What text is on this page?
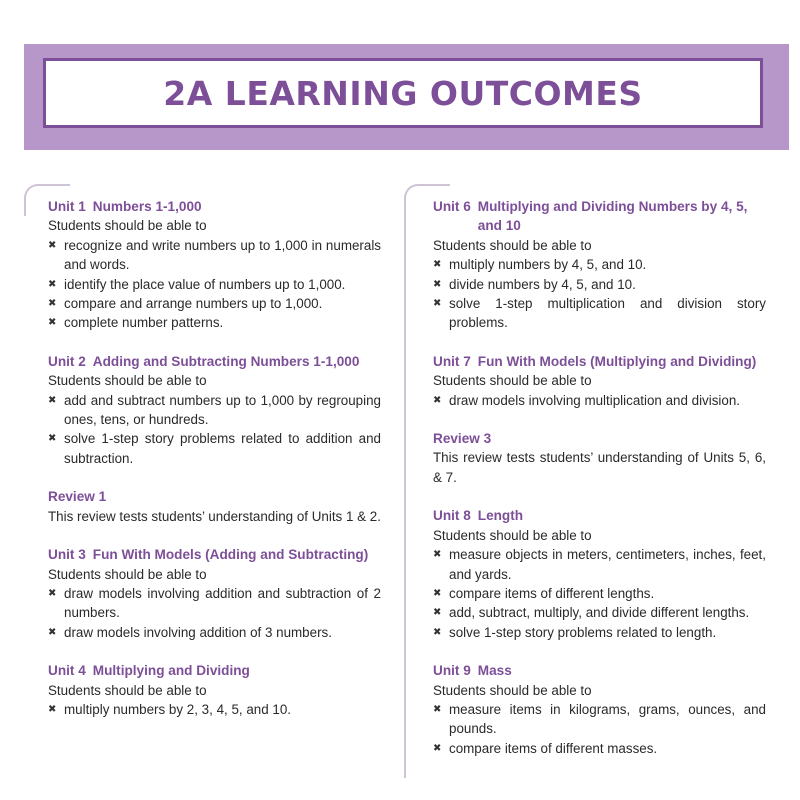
2A LEARNING OUTCOMES
Unit 1 Numbers 1-1,000

Students should be able to

✖ recognize and write numbers up to 1,000 in numerals and words.
✖ identify the place value of numbers up to 1,000.
✖ compare and arrange numbers up to 1,000.
✖ complete number patterns.
Unit 2 Adding and Subtracting Numbers 1-1,000

Students should be able to

✖ add and subtract numbers up to 1,000 by regrouping ones, tens, or hundreds.
✖ solve 1-step story problems related to addition and subtraction.
Review 1

This review tests students’ understanding of Units 1 & 2.

Unit 3 Fun With Models (Adding and Subtracting)

Students should be able to

✖ draw models involving addition and subtraction of 2 numbers.
✖ draw models involving addition of 3 numbers.
Unit 4 Multiplying and Dividing

Students should be able to

✖ multiply numbers by 2, 3, 4, 5, and 10.
Unit 6 Multiplying and Dividing Numbers by 4, 5, and 10

Students should be able to

✖ multiply numbers by 4, 5, and 10.
✖ divide numbers by 4, 5, and 10.
✖ solve 1-step multiplication and division story problems.
Unit 7 Fun With Models (Multiplying and Dividing)

Students should be able to

✖ draw models involving multiplication and division.
Review 3

This review tests students’ understanding of Units 5, 6, & 7.

Unit 8 Length

Students should be able to

✖ measure objects in meters, centimeters, inches, feet, and yards.
✖ compare items of different lengths.
✖ add, subtract, multiply, and divide different lengths.
✖ solve 1-step story problems related to length.
Unit 9 Mass

Students should be able to

✖ measure items in kilograms, grams, ounces, and pounds.
✖ compare items of different masses.
